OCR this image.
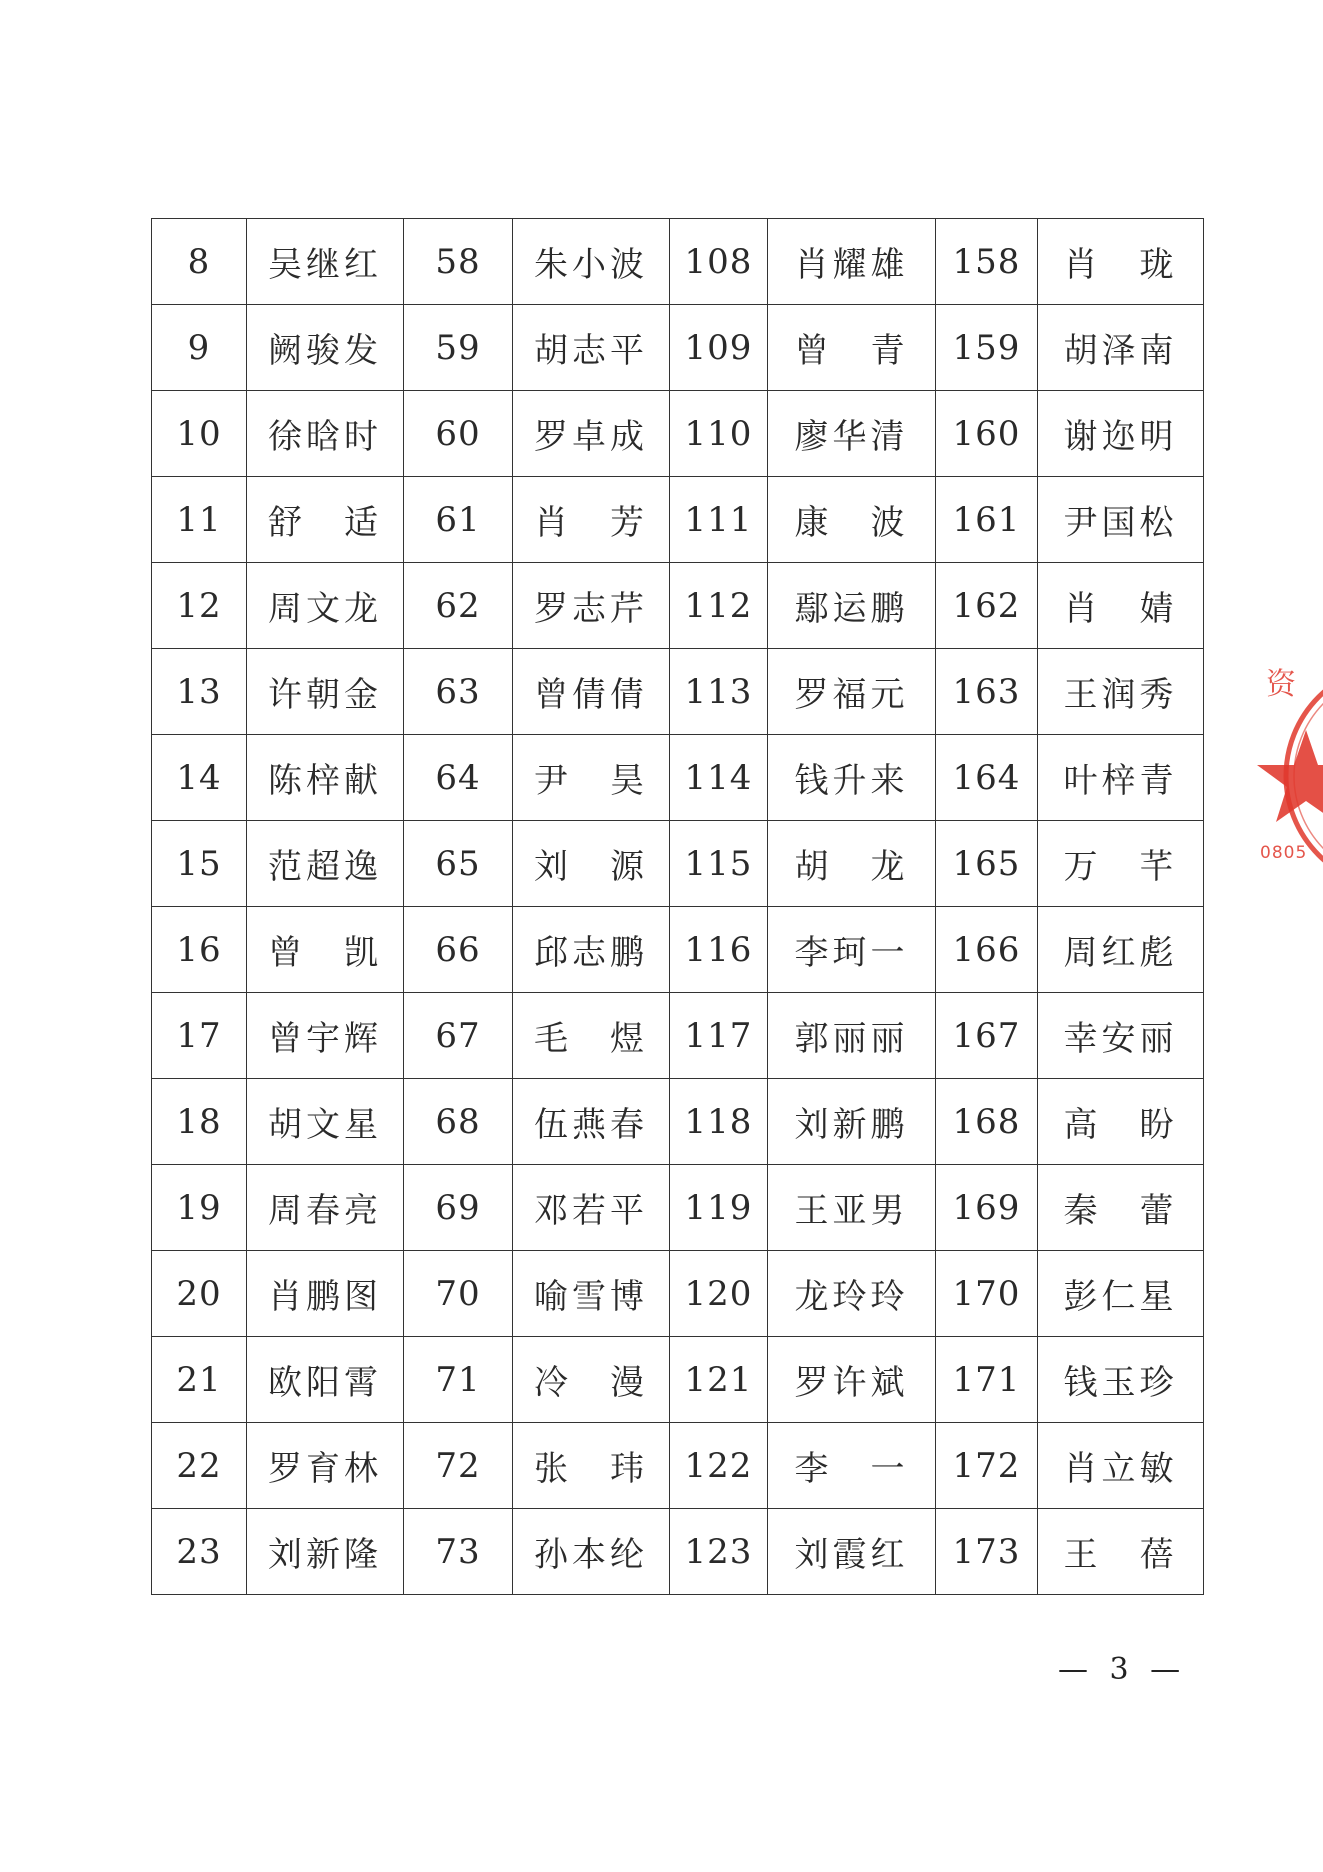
8	吴继红	58	朱小波	108	肖耀雄	158	肖　珑
9	阙骏发	59	胡志平	109	曾　青	159	胡泽南
10	徐晗时	60	罗卓成	110	廖华清	160	谢迩明
11	舒　适	61	肖　芳	111	康　波	161	尹国松
12	周文龙	62	罗志芹	112	鄢运鹏	162	肖　婧
13	许朝金	63	曾倩倩	113	罗福元	163	王润秀
14	陈梓献	64	尹　昊	114	钱升来	164	叶梓青
15	范超逸	65	刘　源	115	胡　龙	165	万　芊
16	曾　凯	66	邱志鹏	116	李珂一	166	周红彪
17	曾宇辉	67	毛　煜	117	郭丽丽	167	幸安丽
18	胡文星	68	伍燕春	118	刘新鹏	168	高　盼
19	周春亮	69	邓若平	119	王亚男	169	秦　蕾
20	肖鹏图	70	喻雪博	120	龙玲玲	170	彭仁星
21	欧阳霄	71	冷　漫	121	罗许斌	171	钱玉珍
22	罗育林	72	张　玮	122	李　一	172	肖立敏
23	刘新隆	73	孙本纶	123	刘霞红	173	王　蓓
资
0805
— 3 —
